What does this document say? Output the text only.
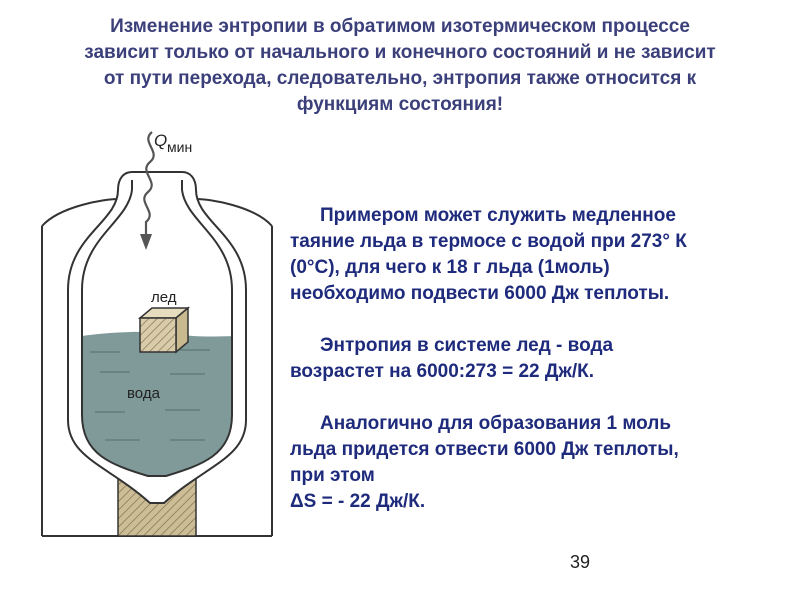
Изменение энтропии в обратимом изотермическом процессе
зависит только от начального и конечного состояний и не зависит
от пути перехода, следовательно, энтропия также относится к
функциям состояния!
Q мин
лед
вода

Примером может служить медленное
таяние льда в термосе с водой при 273° К
(0°С), для чего к 18 г льда (1моль)
необходимо подвести 6000 Дж теплоты.

Энтропия в системе лед - вода
возрастет на 6000:273 = 22 Дж/К.

Аналогично для образования 1 моль
льда придется отвести 6000 Дж теплоты,
при этом
ΔS = - 22 Дж/К.

39
